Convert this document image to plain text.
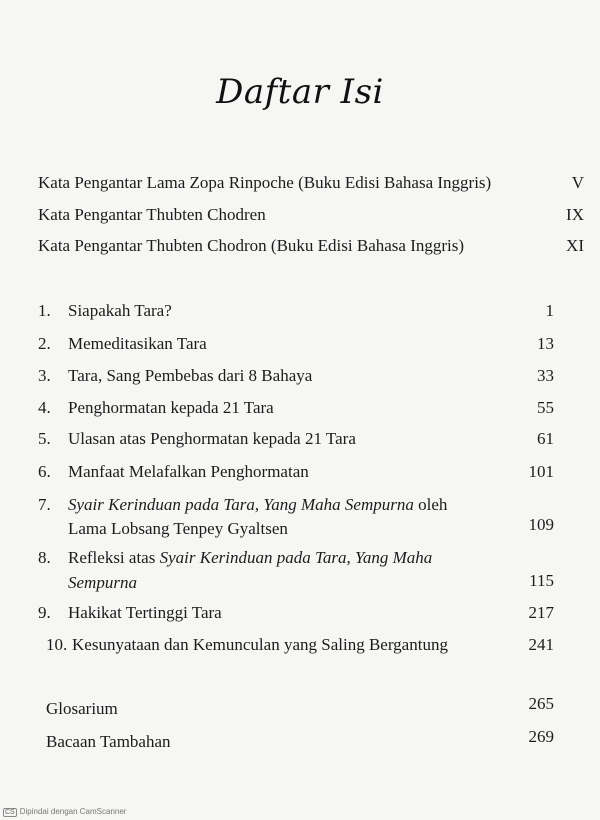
Daftar Isi
Kata Pengantar Lama Zopa Rinpoche (Buku Edisi Bahasa Inggris)	V
Kata Pengantar Thubten Chodren	IX
Kata Pengantar Thubten Chodron (Buku Edisi Bahasa Inggris)	XI
1. Siapakah Tara?	1
2. Memeditasikan Tara	13
3. Tara, Sang Pembebas dari 8 Bahaya	33
4. Penghormatan kepada 21 Tara	55
5. Ulasan atas Penghormatan kepada 21 Tara	61
6. Manfaat Melafalkan Penghormatan	101
7. Syair Kerinduan pada Tara, Yang Maha Sempurna oleh
Lama Lobsang Tenpey Gyaltsen	109
8. Refleksi atas Syair Kerinduan pada Tara, Yang Maha
Sempurna	115
9. Hakikat Tertinggi Tara	217
10. Kesunyataan dan Kemunculan yang Saling Bergantung	241
Glosarium	265
Bacaan Tambahan	269
CS Dipindai dengan CamScanner
